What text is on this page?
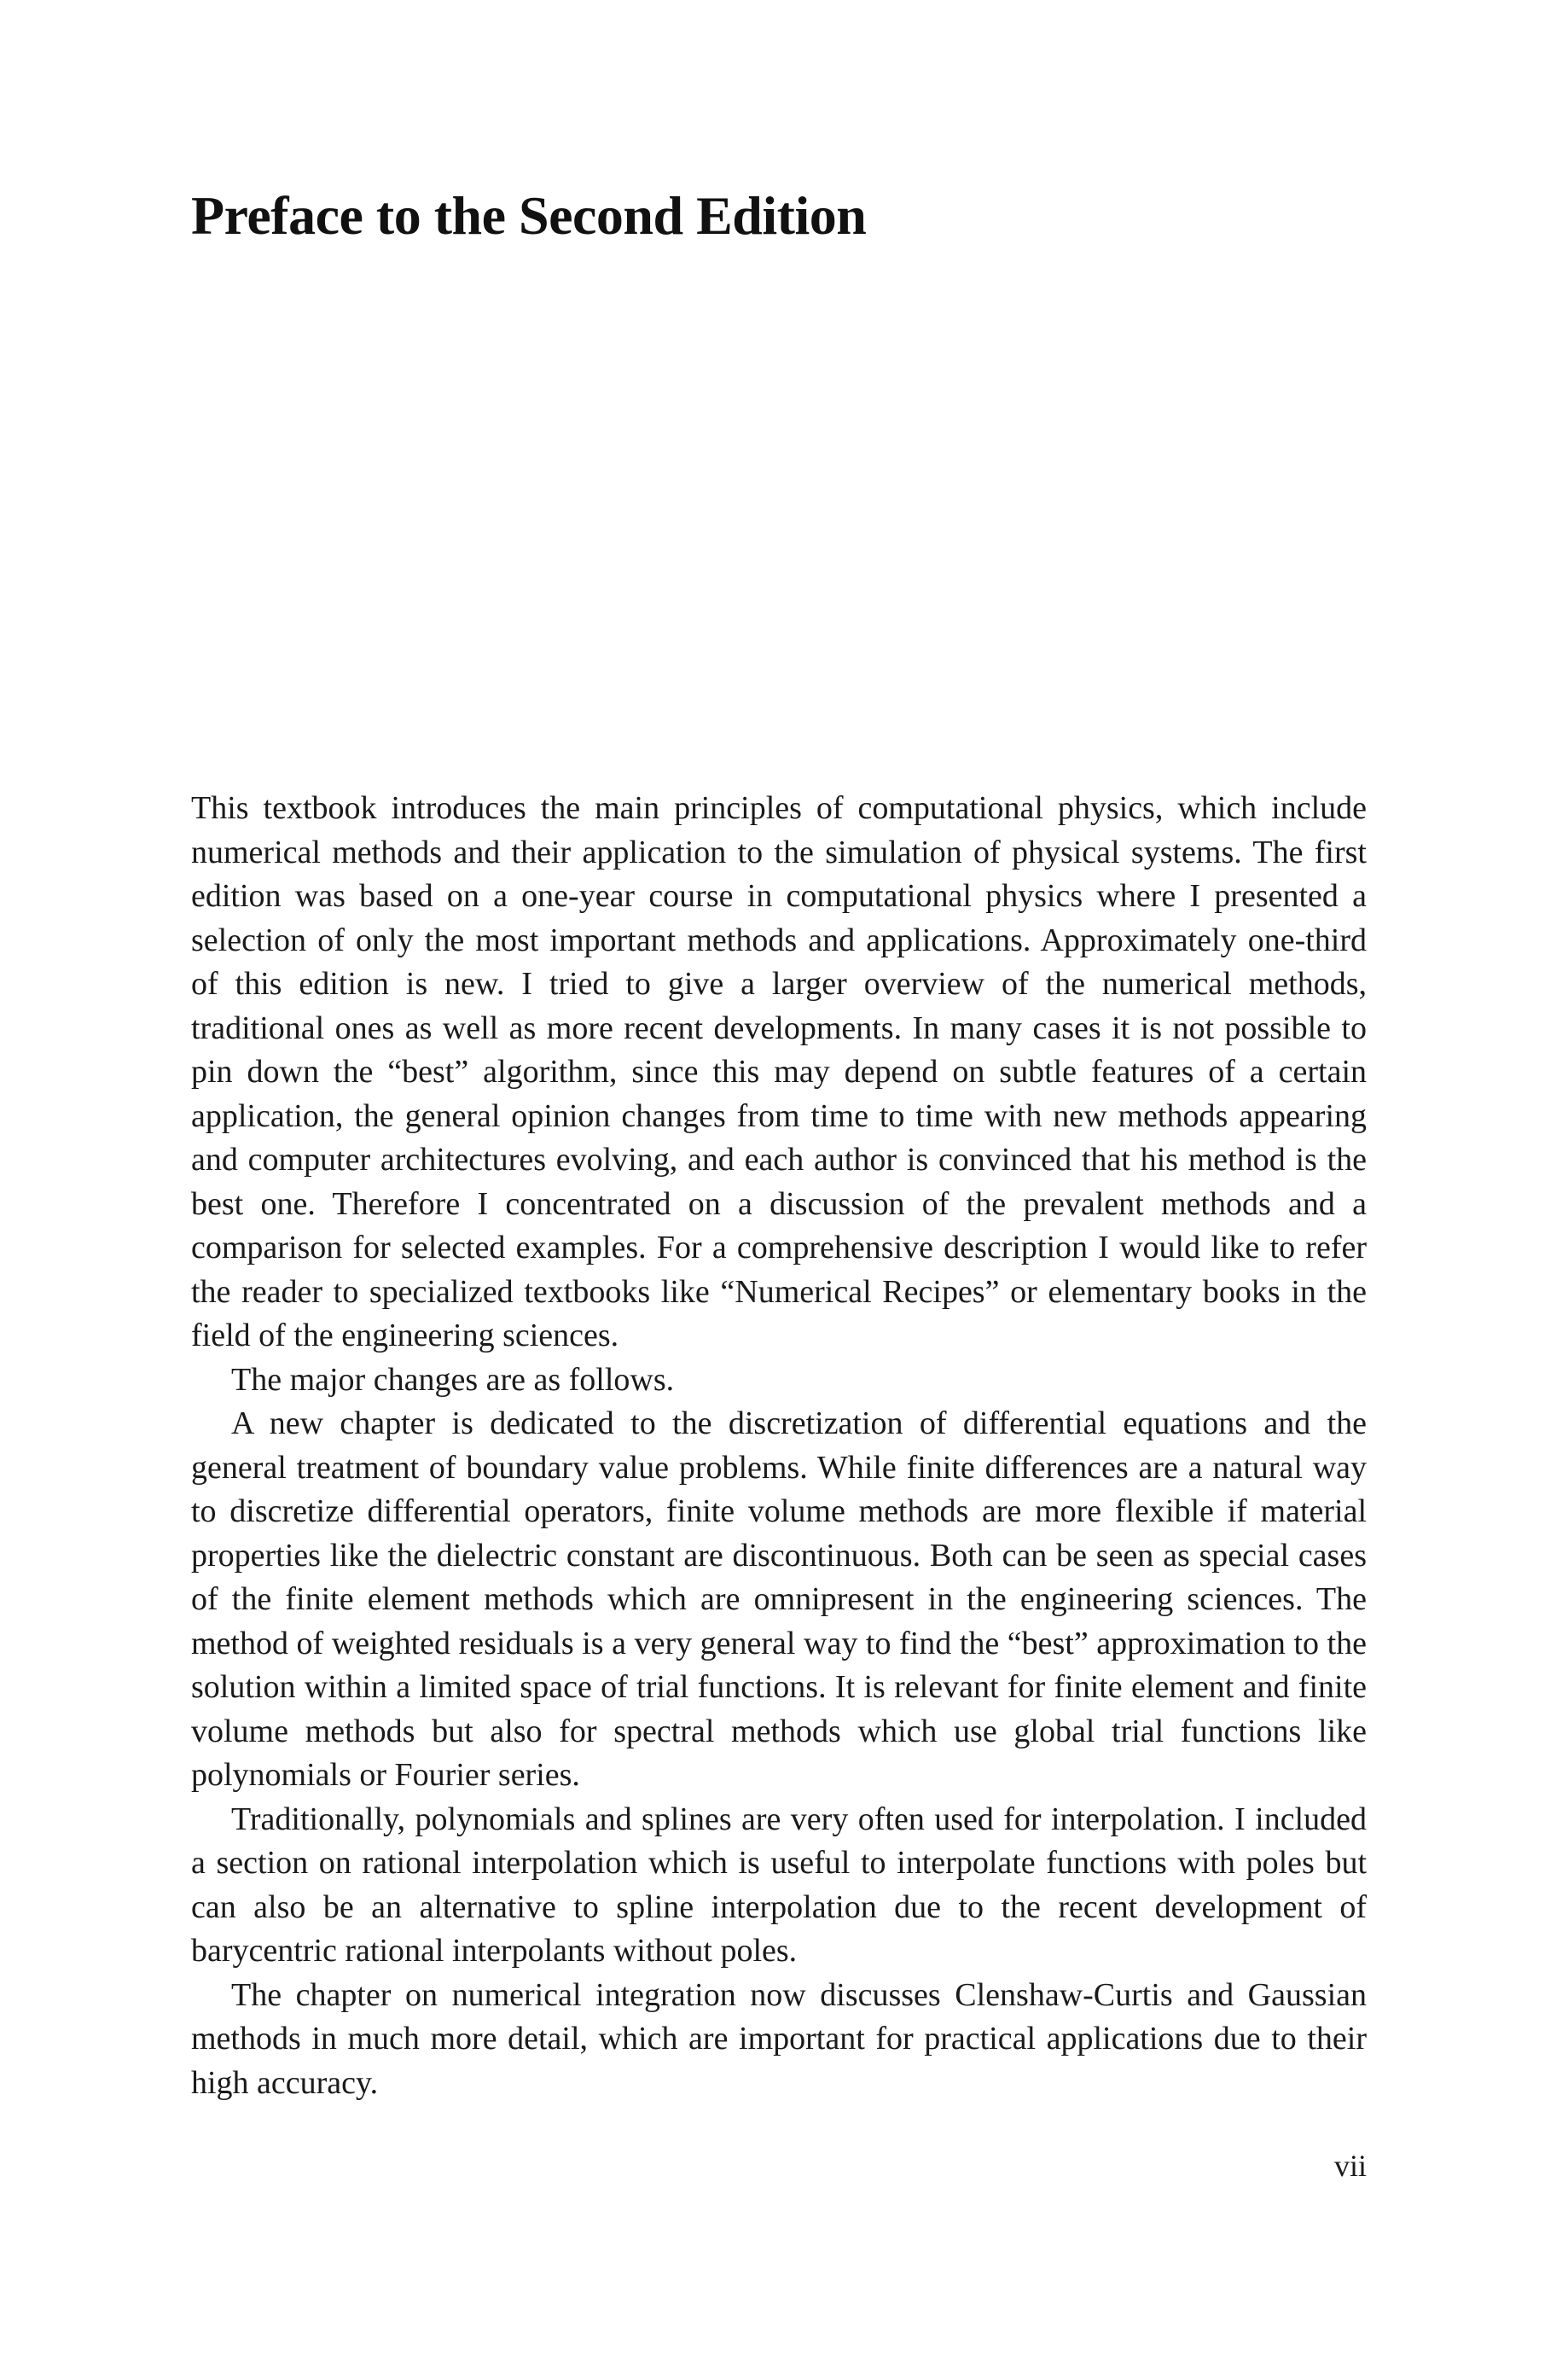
Preface to the Second Edition

This textbook introduces the main principles of computational physics, which include numerical methods and their application to the simulation of physical systems. The first edition was based on a one-year course in computational physics where I presented a selection of only the most important methods and applications. Approximately one-third of this edition is new. I tried to give a larger overview of the numerical methods, traditional ones as well as more recent developments. In many cases it is not possible to pin down the “best” algorithm, since this may depend on subtle features of a certain application, the general opinion changes from time to time with new methods appearing and computer architectures evolving, and each author is convinced that his method is the best one. Therefore I concentrated on a discussion of the prevalent methods and a comparison for selected examples. For a comprehensive description I would like to refer the reader to specialized textbooks like “Numerical Recipes” or elementary books in the field of the engineering sciences.

The major changes are as follows.

A new chapter is dedicated to the discretization of differential equations and the general treatment of boundary value problems. While finite differences are a natural way to discretize differential operators, finite volume methods are more flexible if material properties like the dielectric constant are discontinuous. Both can be seen as special cases of the finite element methods which are omnipresent in the engineering sciences. The method of weighted residuals is a very general way to find the “best” approximation to the solution within a limited space of trial functions. It is relevant for finite element and finite volume methods but also for spectral methods which use global trial functions like polynomials or Fourier series.

Traditionally, polynomials and splines are very often used for interpolation. I included a section on rational interpolation which is useful to interpolate functions with poles but can also be an alternative to spline interpolation due to the recent development of barycentric rational interpolants without poles.

The chapter on numerical integration now discusses Clenshaw-Curtis and Gaussian methods in much more detail, which are important for practical applications due to their high accuracy.

vii
